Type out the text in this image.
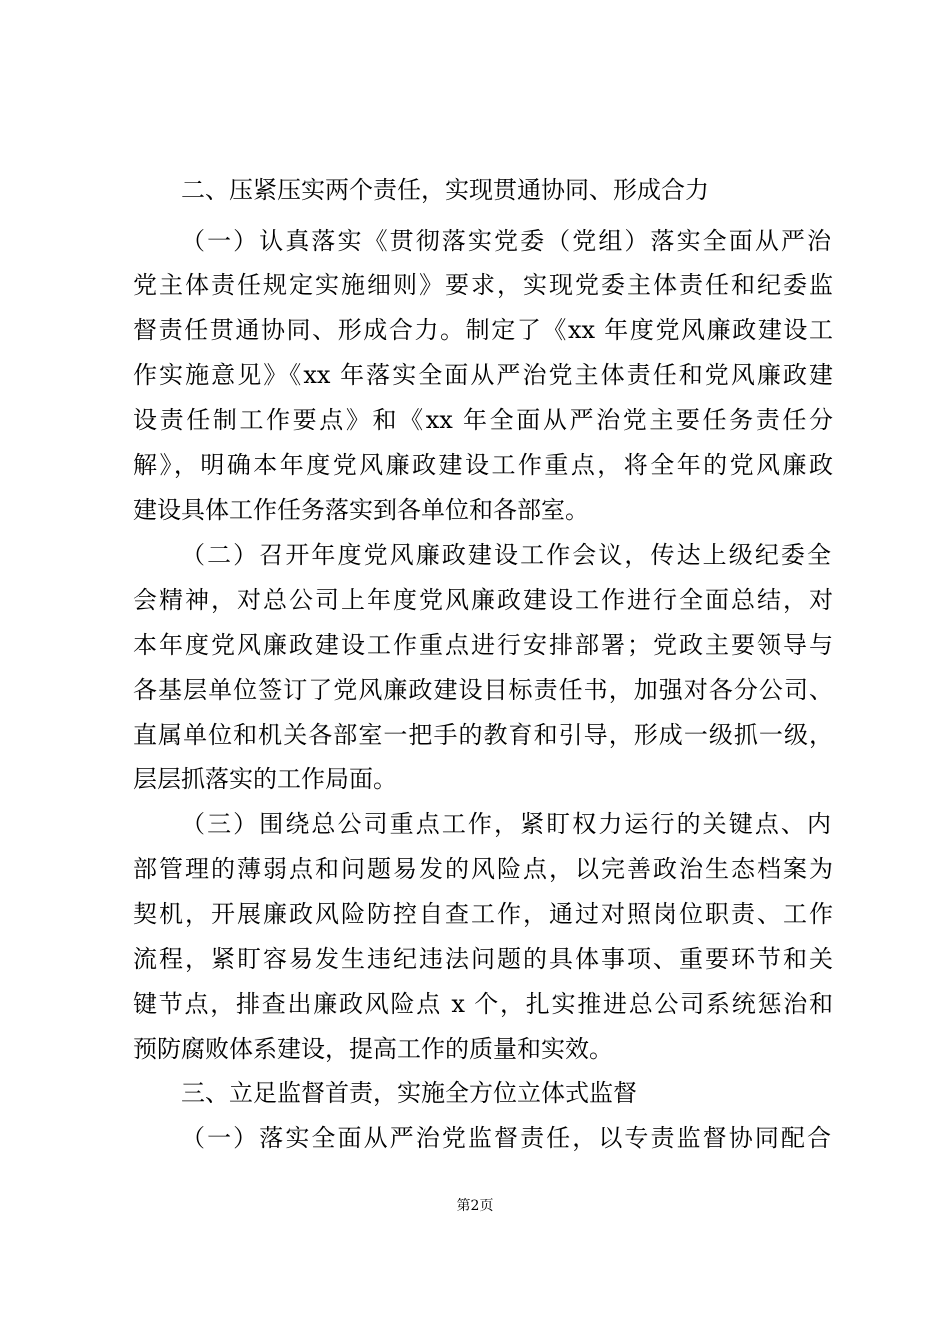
二、压紧压实两个责任，实现贯通协同、形成合力
（一）认真落实《贯彻落实党委（党组）落实全面从严治
党主体责任规定实施细则》要求，实现党委主体责任和纪委监
督责任贯通协同、形成合力。制定了《xx 年度党风廉政建设工
作实施意见》《xx 年落实全面从严治党主体责任和党风廉政建
设责任制工作要点》和《xx 年全面从严治党主要任务责任分
解》，明确本年度党风廉政建设工作重点，将全年的党风廉政
建设具体工作任务落实到各单位和各部室。
（二）召开年度党风廉政建设工作会议，传达上级纪委全
会精神，对总公司上年度党风廉政建设工作进行全面总结，对
本年度党风廉政建设工作重点进行安排部署；党政主要领导与
各基层单位签订了党风廉政建设目标责任书，加强对各分公司、
直属单位和机关各部室一把手的教育和引导，形成一级抓一级，
层层抓落实的工作局面。
（三）围绕总公司重点工作，紧盯权力运行的关键点、内
部管理的薄弱点和问题易发的风险点，以完善政治生态档案为
契机，开展廉政风险防控自查工作，通过对照岗位职责、工作
流程，紧盯容易发生违纪违法问题的具体事项、重要环节和关
键节点，排查出廉政风险点 x 个，扎实推进总公司系统惩治和
预防腐败体系建设，提高工作的质量和实效。
三、立足监督首责，实施全方位立体式监督
（一）落实全面从严治党监督责任，以专责监督协同配合
第2页
